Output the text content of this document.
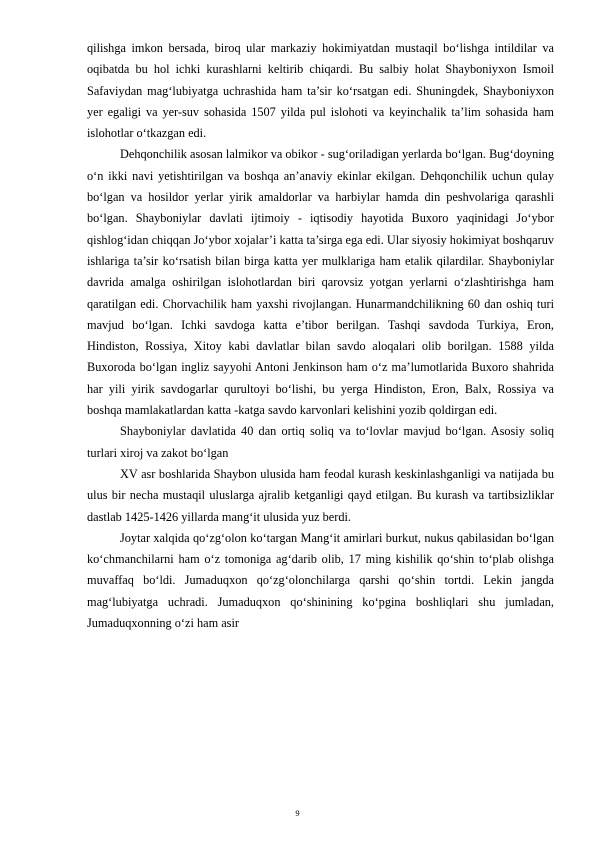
qilishga imkon bersada, biroq ular markaziy hokimiyatdan mustaqil bo‘lishga intildilar va oqibatda bu hol ichki kurashlarni keltirib chiqardi. Bu salbiy holat Shayboniyxon Ismoil Safaviydan mag‘lubiyatga uchrashida ham ta’sir ko‘rsatgan edi. Shuningdek, Shayboniyxon yer egaligi va yer-suv sohasida 1507 yilda pul islohoti va keyinchalik ta’lim sohasida ham islohotlar o‘tkazgan edi.

Dehqonchilik asosan lalmikor va obikor - sug‘oriladigan yerlarda bo‘lgan. Bug‘doyning o‘n ikki navi yetishtirilgan va boshqa an’anaviy ekinlar ekilgan. Dehqonchilik uchun qulay bo‘lgan va hosildor yerlar yirik amaldorlar va harbiylar hamda din peshvolariga qarashli bo‘lgan. Shayboniylar davlati ijtimoiy - iqtisodiy hayotida Buxoro yaqinidagi Jo‘ybor qishlog‘idan chiqqan Jo‘ybor xojalar’i katta ta’sirga ega edi. Ular siyosiy hokimiyat boshqaruv ishlariga ta’sir ko‘rsatish bilan birga katta yer mulklariga ham etalik qilardilar. Shayboniylar davrida amalga oshirilgan islohotlardan biri qarovsiz yotgan yerlarni o‘zlashtirishga ham qaratilgan edi. Chorvachilik ham yaxshi rivojlangan. Hunarmandchilikning 60 dan oshiq turi mavjud bo‘lgan. Ichki savdoga katta e’tibor berilgan. Tashqi savdoda Turkiya, Eron, Hindiston, Rossiya, Xitoy kabi davlatlar bilan savdo aloqalari olib borilgan. 1588 yilda Buxoroda bo‘lgan ingliz sayyohi Antoni Jenkinson ham o‘z ma’lumotlarida Buxoro shahrida har yili yirik savdogarlar qurultoyi bo‘lishi, bu yerga Hindiston, Eron, Balx, Rossiya va boshqa mamlakatlardan katta -katga savdo karvonlari kelishini yozib qoldirgan edi.

Shayboniylar davlatida 40 dan ortiq soliq va to‘lovlar mavjud bo‘lgan. Asosiy soliq turlari xiroj va zakot bo‘lgan

XV asr boshlarida Shaybon ulusida ham feodal kurash keskinlashganligi va natijada bu ulus bir necha mustaqil uluslarga ajralib ketganligi qayd etilgan. Bu kurash va tartibsizliklar dastlab 1425-1426 yillarda mang‘it ulusida yuz berdi.

Joytar xalqida qo‘zg‘olon ko‘targan Mang‘it amirlari burkut, nukus qabilasidan bo‘lgan ko‘chmanchilarni ham o‘z tomoniga ag‘darib olib, 17 ming kishilik qo‘shin to‘plab olishga muvaffaq bo‘ldi. Jumaduqxon qo‘zg‘olonchilarga qarshi qo‘shin tortdi. Lekin jangda mag‘lubiyatga uchradi. Jumaduqxon qo‘shinining ko‘pgina boshliqlari shu jumladan, Jumaduqxonning o‘zi ham asir

9
